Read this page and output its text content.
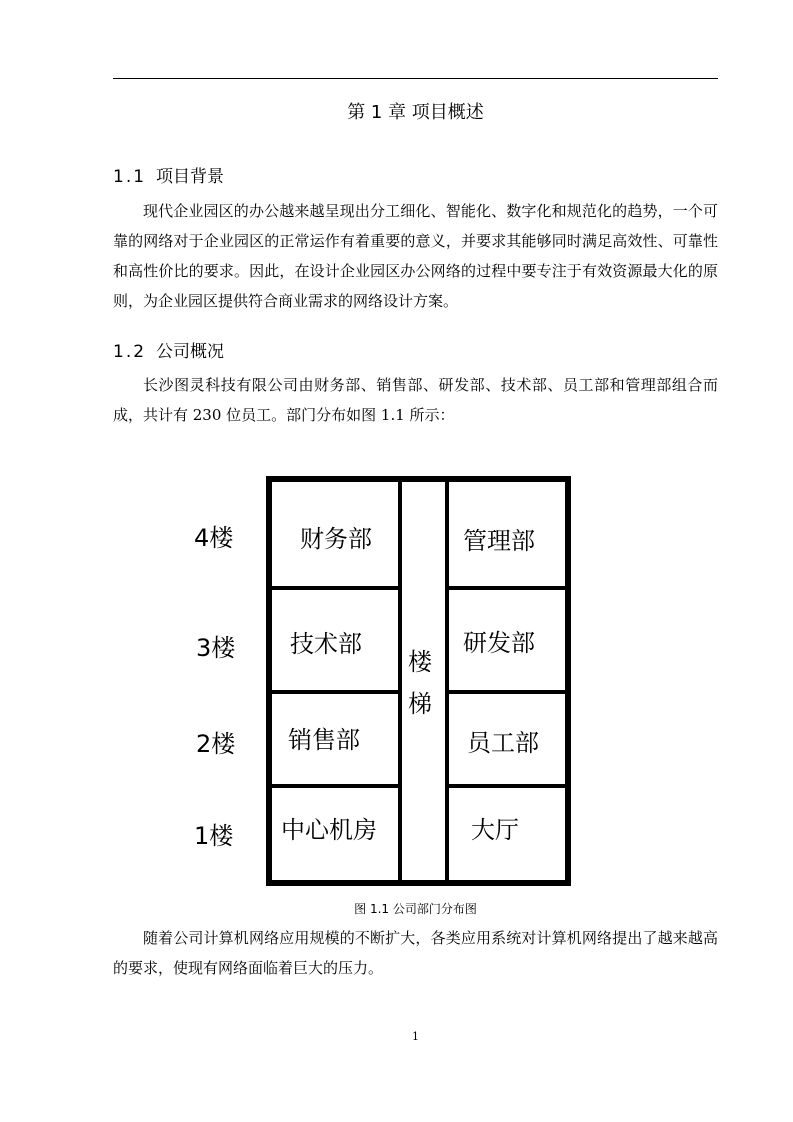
第 1 章 项目概述
1.1 项目背景
现代企业园区的办公越来越呈现出分工细化、智能化、数字化和规范化的趋势，一个可靠的网络对于企业园区的正常运作有着重要的意义，并要求其能够同时满足高效性、可靠性和高性价比的要求。因此，在设计企业园区办公网络的过程中要专注于有效资源最大化的原则，为企业园区提供符合商业需求的网络设计方案。
1.2 公司概况
长沙图灵科技有限公司由财务部、销售部、研发部、技术部、员工部和管理部组合而成，共计有 230 位员工。部门分布如图 1.1 所示：
4楼
3楼
2楼
1楼
财务部
技术部
销售部
中心机房
管理部
研发部
员工部
大厅
楼
梯
图 1.1 公司部门分布图
随着公司计算机网络应用规模的不断扩大，各类应用系统对计算机网络提出了越来越高的要求，使现有网络面临着巨大的压力。
1
